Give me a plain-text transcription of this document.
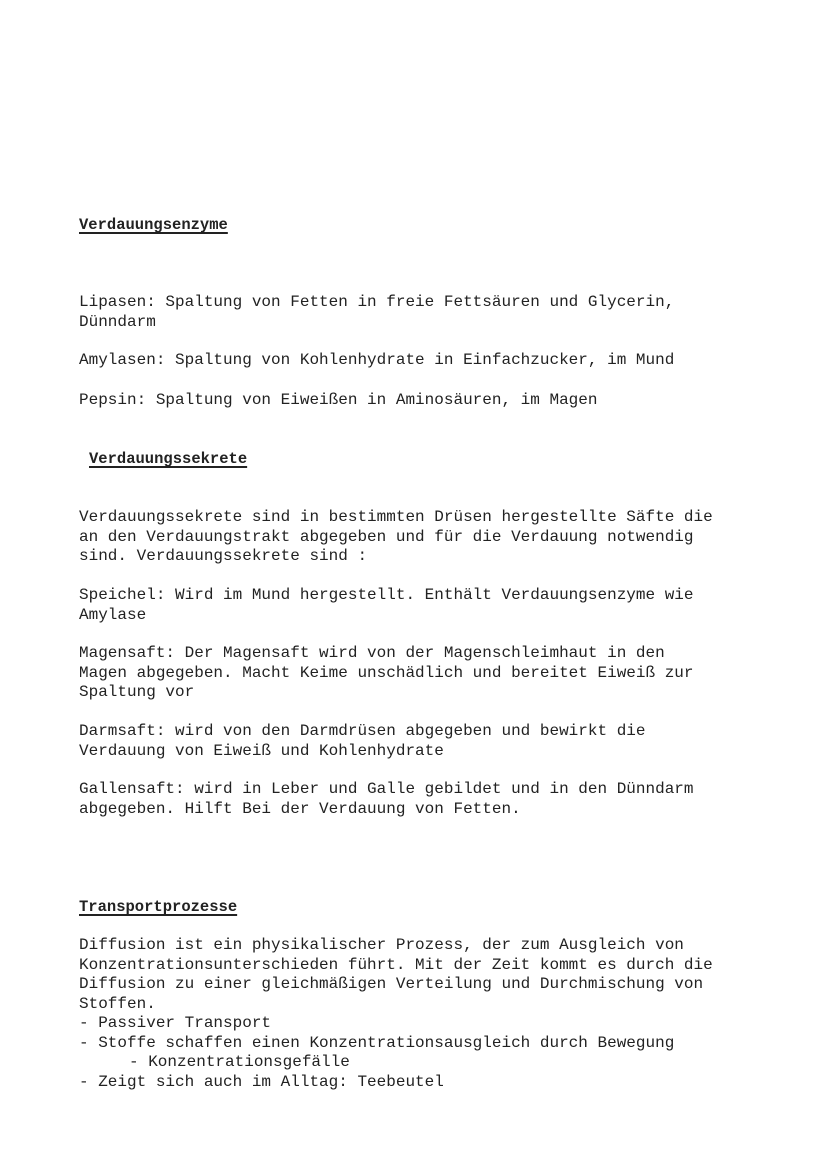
Verdauungsenzyme

Lipasen: Spaltung von Fetten in freie Fettsäuren und Glycerin,
Dünndarm

Amylasen: Spaltung von Kohlenhydrate in Einfachzucker, im Mund

Pepsin: Spaltung von Eiweißen in Aminosäuren, im Magen

Verdauungssekrete

Verdauungssekrete sind in bestimmten Drüsen hergestellte Säfte die
an den Verdauungstrakt abgegeben und für die Verdauung notwendig
sind. Verdauungssekrete sind :

Speichel: Wird im Mund hergestellt. Enthält Verdauungsenzyme wie
Amylase

Magensaft: Der Magensaft wird von der Magenschleimhaut in den
Magen abgegeben. Macht Keime unschädlich und bereitet Eiweiß zur
Spaltung vor

Darmsaft: wird von den Darmdrüsen abgegeben und bewirkt die
Verdauung von Eiweiß und Kohlenhydrate

Gallensaft: wird in Leber und Galle gebildet und in den Dünndarm
abgegeben. Hilft Bei der Verdauung von Fetten.

Transportprozesse

Diffusion ist ein physikalischer Prozess, der zum Ausgleich von
Konzentrationsunterschieden führt. Mit der Zeit kommt es durch die
Diffusion zu einer gleichmäßigen Verteilung und Durchmischung von
Stoffen.

- Passiver Transport
- Stoffe schaffen einen Konzentrationsausgleich durch Bewegung
- Konzentrationsgefälle
- Zeigt sich auch im Alltag: Teebeutel
